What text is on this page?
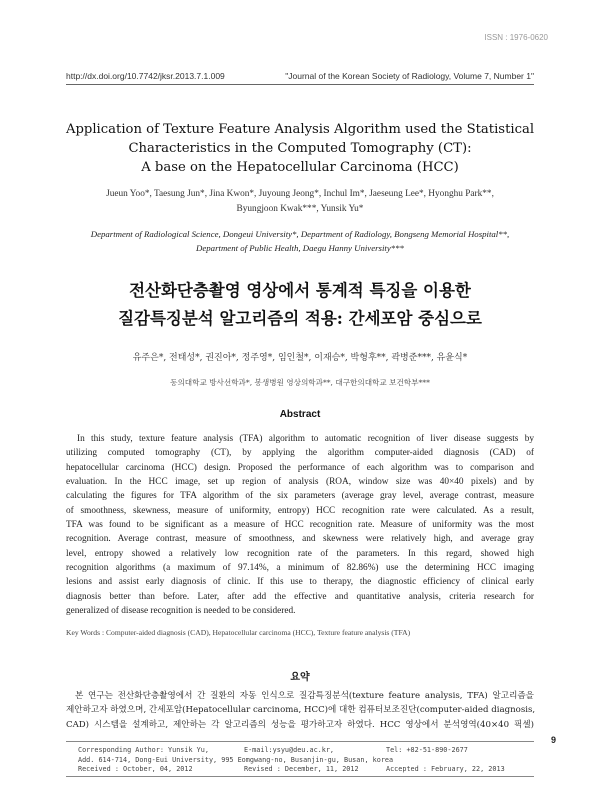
ISSN : 1976-0620
http://dx.doi.org/10.7742/jksr.2013.7.1.009	"Journal of the Korean Society of Radiology, Volume 7, Number 1"
Application of Texture Feature Analysis Algorithm used the Statistical
Characteristics in the Computed Tomography (CT):
A base on the Hepatocellular Carcinoma (HCC)
Jueun Yoo*, Taesung Jun*, Jina Kwon*, Juyoung Jeong*, Inchul Im*, Jaeseung Lee*, Hyonghu Park**,
Byungjoon Kwak***, Yunsik Yu*
Department of Radiological Science, Dongeui University*, Department of Radiology, Bongseng Memorial Hospital**,
Department of Public Health, Daegu Hanny University***
전산화단층촬영 영상에서 통계적 특징을 이용한
질감특징분석 알고리즘의 적용: 간세포암 중심으로
유주은*, 전태성*, 권진아*, 정주영*, 임인철*, 이재승*, 박형후**, 곽병준***, 유윤식*
동의대학교 방사선학과*, 봉생병원 영상의학과**, 대구한의대학교 보건학부***
Abstract
In this study, texture feature analysis (TFA) algorithm to automatic recognition of liver disease suggests by
utilizing computed tomography (CT), by applying the algorithm computer-aided diagnosis (CAD) of
hepatocellular carcinoma (HCC) design. Proposed the performance of each algorithm was to comparison and
evaluation. In the HCC image, set up region of analysis (ROA, window size was 40×40 pixels) and by
calculating the figures for TFA algorithm of the six parameters (average gray level, average contrast, measure
of smoothness, skewness, measure of uniformity, entropy) HCC recognition rate were calculated. As a result,
TFA was found to be significant as a measure of HCC recognition rate. Measure of uniformity was the most
recognition. Average contrast, measure of smoothness, and skewness were relatively high, and average gray
level, entropy showed a relatively low recognition rate of the parameters. In this regard, showed high
recognition algorithms (a maximum of 97.14%, a minimum of 82.86%) use the determining HCC imaging
lesions and assist early diagnosis of clinic. If this use to therapy, the diagnostic efficiency of clinical early
diagnosis better than before. Later, after add the effective and quantitative analysis, criteria research for
generalized of disease recognition is needed to be considered.
Key Words : Computer-aided diagnosis (CAD), Hepatocellular carcinoma (HCC), Texture feature analysis (TFA)
요약
본 연구는 전산화단층촬영에서 간 질환의 자동 인식으로 질감특징분석(texture feature analysis, TFA) 알고리즘을
제안하고자 하였으며, 간세포암(Hepatocellular carcinoma, HCC)에 대한 컴퓨터보조진단(computer-aided diagnosis,
CAD) 시스템을 설계하고, 제안하는 각 알고리즘의 성능을 평가하고자 하였다. HCC 영상에서 분석영역(40×40 픽셀)
9
Corresponding Author: Yunsik Yu,	E-mail:ysyu@deu.ac.kr,	Tel: +82-51-890-2677
Add. 614-714, Dong-Eui University, 995 Eomgwang-no, Busanjin-gu, Busan, korea
Received : October, 04, 2012	Revised : December, 11, 2012	Accepted : February, 22, 2013
